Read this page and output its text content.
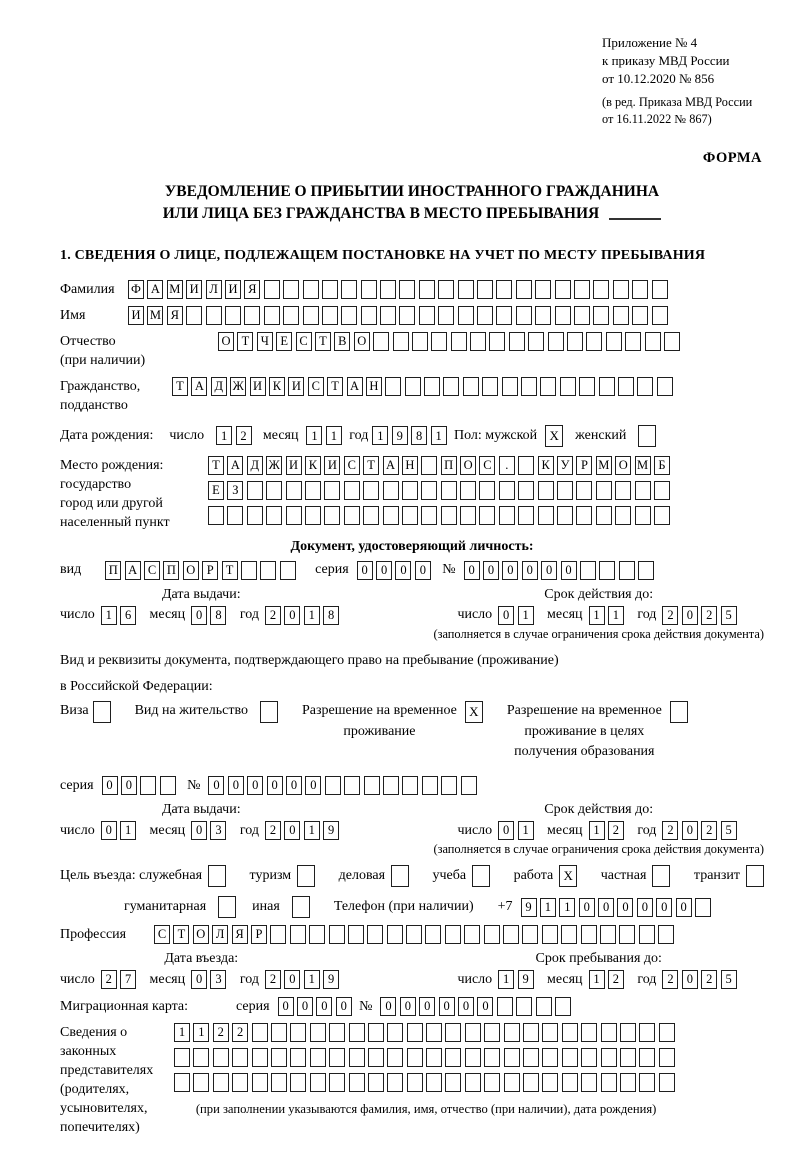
Приложение № 4
к приказу МВД России
от 10.12.2020 № 856
(в ред. Приказа МВД России
от 16.11.2022 № 867)
ФОРМА
УВЕДОМЛЕНИЕ О ПРИБЫТИИ ИНОСТРАННОГО ГРАЖДАНИНА
ИЛИ ЛИЦА БЕЗ ГРАЖДАНСТВА В МЕСТО ПРЕБЫВАНИЯ
1. СВЕДЕНИЯ О ЛИЦЕ, ПОДЛЕЖАЩЕМ ПОСТАНОВКЕ НА УЧЕТ ПО МЕСТУ ПРЕБЫВАНИЯ
Фамилия	Ф А М И Л И Я
Имя	И М Я
Отчество
(при наличии)
О Т Ч Е С Т В О
Гражданство,
подданство
Т А Д Ж И К И С Т А Н
Дата рождения: число	1	2	месяц	1	1 год 1	9	8	1 Пол: мужской X	женский
Место рождения:
государство
город или другой
населенный пункт
Т А Д Ж И К И С Т А Н П О С	.	К У Р М О М Б
Е З
Документ, удостоверяющий личность:
вид П А С П О Р Т	серия	0	0	0	0	№	0	0	0	0	0	0
Дата выдачи:
число 1	6	месяц 0	8	год 2	0	1	8
Срок действия до:
число 0	1	месяц 1	1	год 2	0	2	5
(заполняется в случае ограничения срока действия документа)
Вид и реквизиты документа, подтверждающего право на пребывание (проживание)
в Российской Федерации:
Виза	Вид на жительство	Разрешение на временное
проживание
X	Разрешение на временное
проживание в целях
получения образования
серия	0	0	№	0	0	0	0	0	0
Дата выдачи:
число 0	1	месяц 0	3	год 2	0	1	9
Срок действия до:
число 0	1	месяц 1	2	год 2	0	2	5
(заполняется в случае ограничения срока действия документа)
Цель въезда: служебная	туризм	деловая	учеба	работа X	частная	транзит
гуманитарная	иная	Телефон (при наличии) +7	9	1	1	0	0	0	0	0	0
Профессия	С Т О Л Я Р
Дата въезда:
число 2	7	месяц 0	3	год 2	0	1	9
Срок пребывания до:
число 1	9	месяц 1	2	год 2	0	2	5
Миграционная карта:	серия	0	0	0	0 №	0	0	0	0	0	0
Сведения о
законных
представителях
(родителях,
усыновителях,
попечителях)
1	1	2	2
(при заполнении указываются фамилия, имя, отчество (при наличии), дата рождения)
